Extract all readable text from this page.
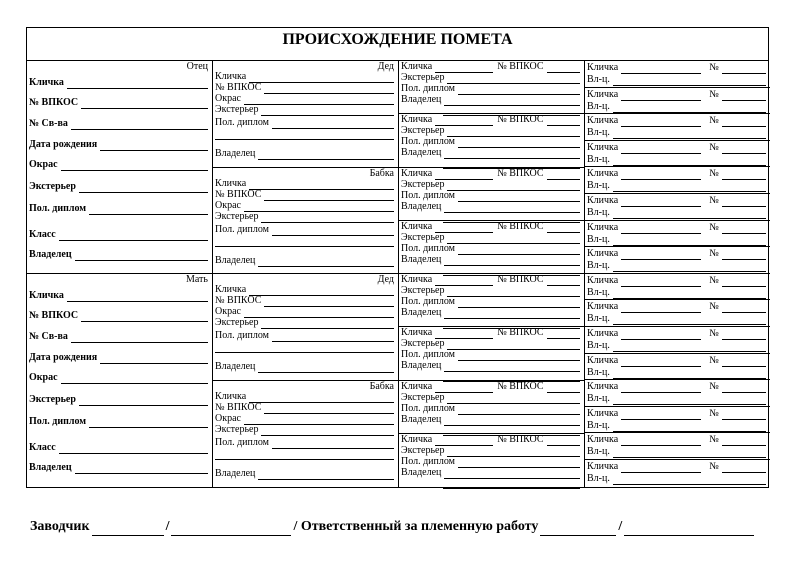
ПРОИСХОЖДЕНИЕ ПОМЕТА
Отец
Кличка
№ ВПКОС
№ Св-ва
Дата рождения
Окрас
Экстерьер
Пол. диплом
Класс
Владелец
Мать
Кличка
№ ВПКОС
№ Св-ва
Дата рождения
Окрас
Экстерьер
Пол. диплом
Класс
Владелец
Дед
Кличка
№ ВПКОС
Окрас
Экстерьер
Пол. диплом
Владелец
Бабка
Кличка
№ ВПКОС
Окрас
Экстерьер
Пол. диплом
Владелец
Дед
Кличка
№ ВПКОС
Окрас
Экстерьер
Пол. диплом
Владелец
Бабка
Кличка
№ ВПКОС
Окрас
Экстерьер
Пол. диплом
Владелец
Кличка	№ ВПКОС
Экстерьер
Пол. диплом
Владелец
Кличка	№ ВПКОС
Экстерьер
Пол. диплом
Владелец
Кличка	№ ВПКОС
Экстерьер
Пол. диплом
Владелец
Кличка	№ ВПКОС
Экстерьер
Пол. диплом
Владелец
Кличка	№ ВПКОС
Экстерьер
Пол. диплом
Владелец
Кличка	№ ВПКОС
Экстерьер
Пол. диплом
Владелец
Кличка	№ ВПКОС
Экстерьер
Пол. диплом
Владелец
Кличка	№ ВПКОС
Экстерьер
Пол. диплом
Владелец
Кличка	№
Вл-ц.
Кличка	№
Вл-ц.
Кличка	№
Вл-ц.
Кличка	№
Вл-ц.
Кличка	№
Вл-ц.
Кличка	№
Вл-ц.
Кличка	№
Вл-ц.
Кличка	№
Вл-ц.
Кличка	№
Вл-ц.
Кличка	№
Вл-ц.
Кличка	№
Вл-ц.
Кличка	№
Вл-ц.
Кличка	№
Вл-ц.
Кличка	№
Вл-ц.
Кличка	№
Вл-ц.
Кличка	№
Вл-ц.
Заводчик	/	/ Ответственный за племенную работу	/
